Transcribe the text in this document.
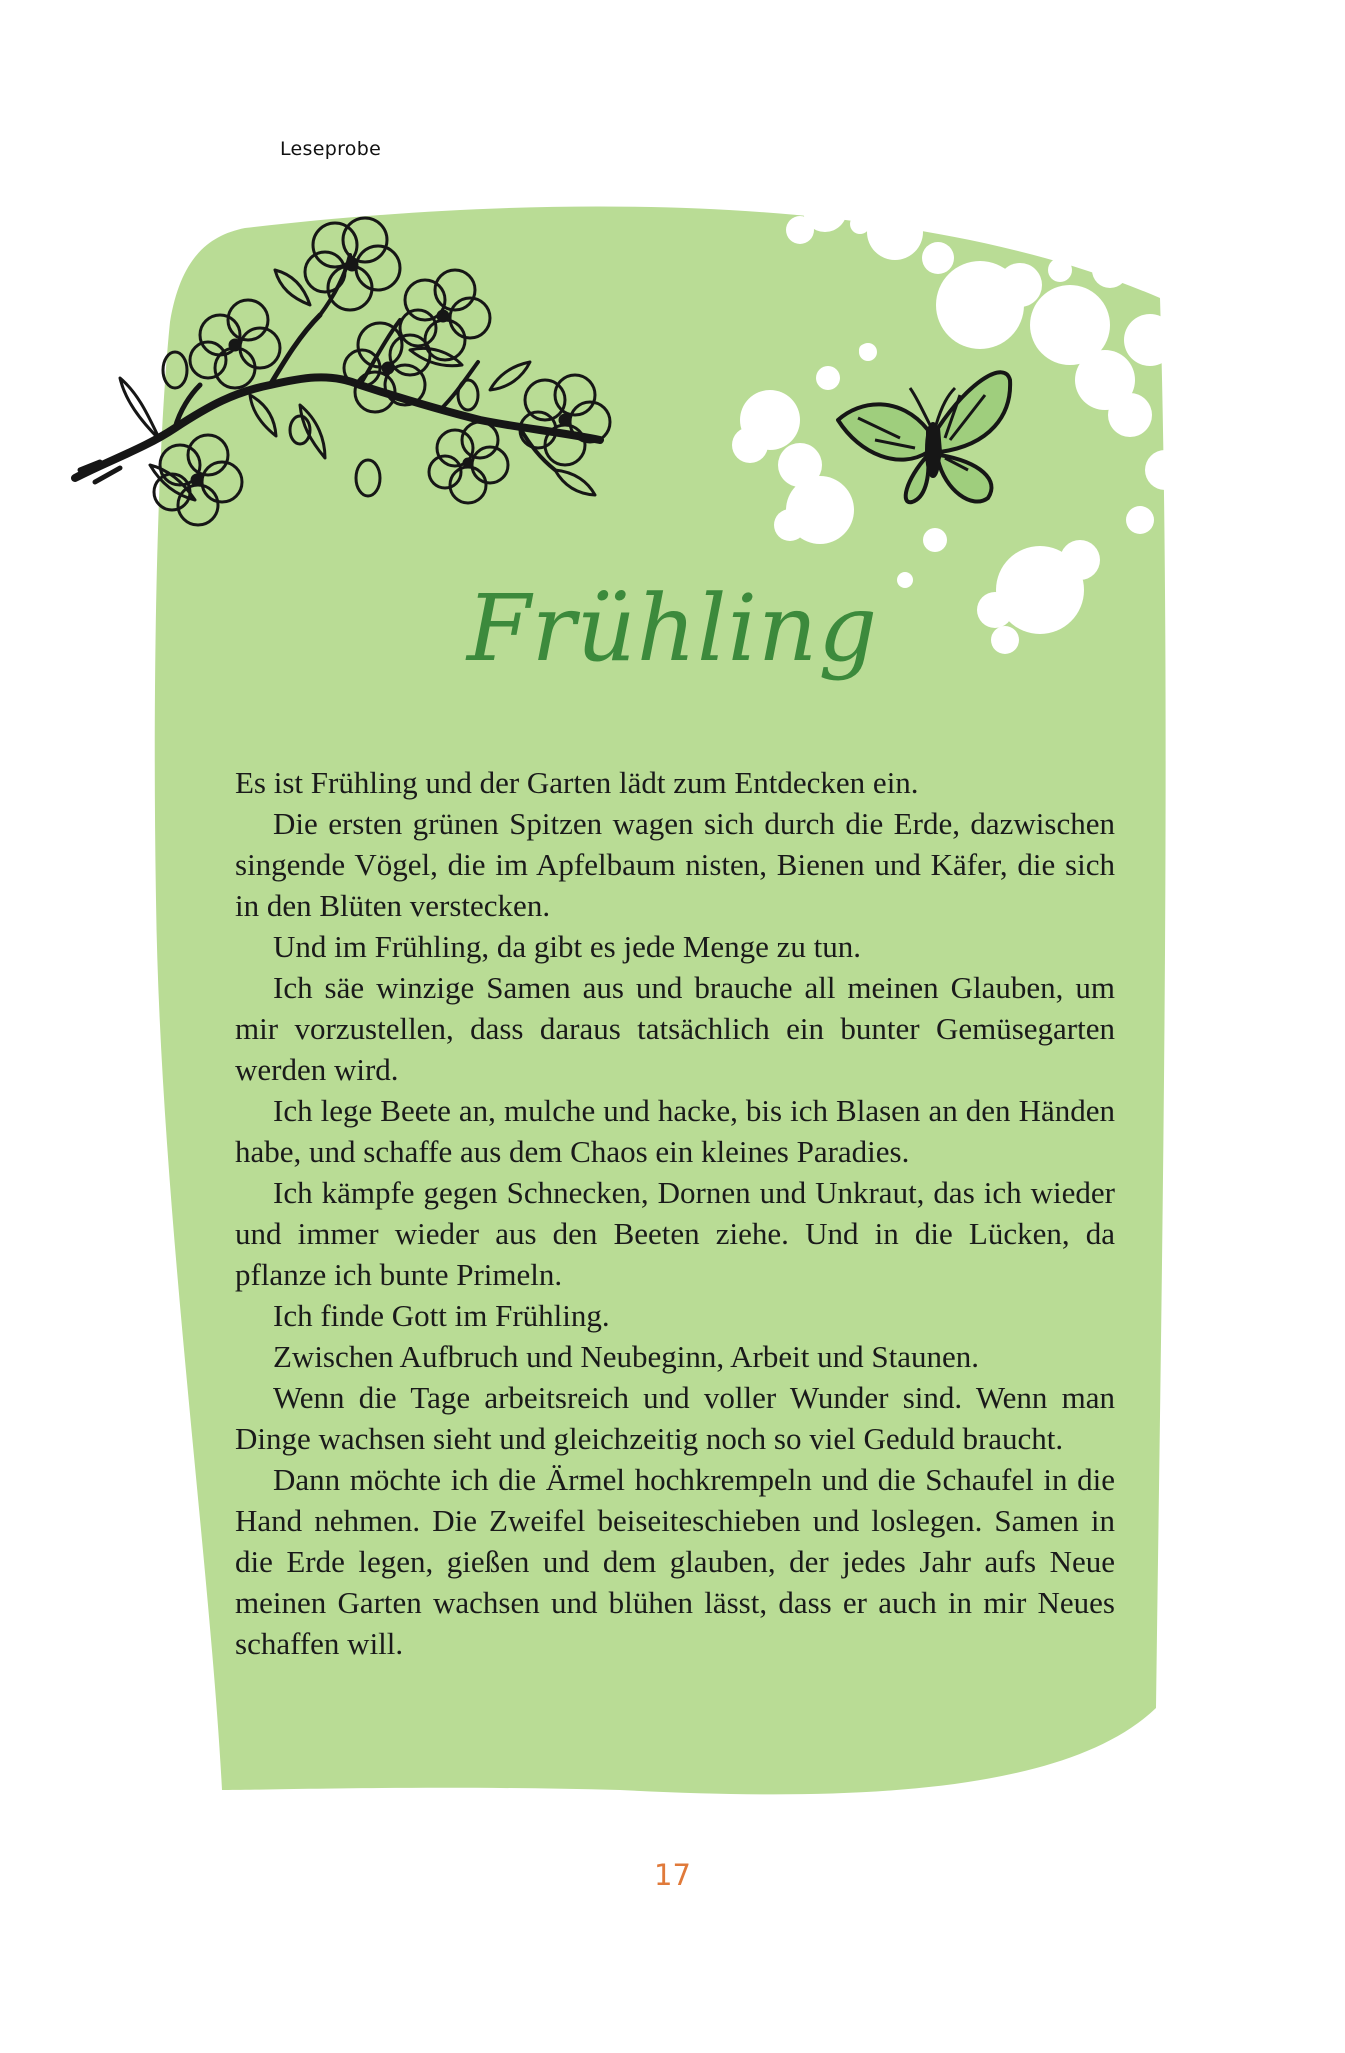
Leseprobe
Frühling

Es ist Frühling und der Garten lädt zum Entdecken ein.

Die ersten grünen Spitzen wagen sich durch die Erde, dazwischen singende Vögel, die im Apfelbaum nisten, Bienen und Käfer, die sich in den Blüten verstecken.

Und im Frühling, da gibt es jede Menge zu tun.

Ich säe winzige Samen aus und brauche all meinen Glauben, um mir vorzustellen, dass daraus tatsächlich ein bunter Gemüsegarten werden wird.

Ich lege Beete an, mulche und hacke, bis ich Blasen an den Händen habe, und schaffe aus dem Chaos ein kleines Paradies.

Ich kämpfe gegen Schnecken, Dornen und Unkraut, das ich wieder und immer wieder aus den Beeten ziehe. Und in die Lücken, da pflanze ich bunte Primeln.

Ich finde Gott im Frühling.

Zwischen Aufbruch und Neubeginn, Arbeit und Staunen.

Wenn die Tage arbeitsreich und voller Wunder sind. Wenn man Dinge wachsen sieht und gleichzeitig noch so viel Geduld braucht.

Dann möchte ich die Ärmel hochkrempeln und die Schaufel in die Hand nehmen. Die Zweifel beiseiteschieben und loslegen. Samen in die Erde legen, gießen und dem glauben, der jedes Jahr aufs Neue meinen Garten wachsen und blühen lässt, dass er auch in mir Neues schaffen will.

17
